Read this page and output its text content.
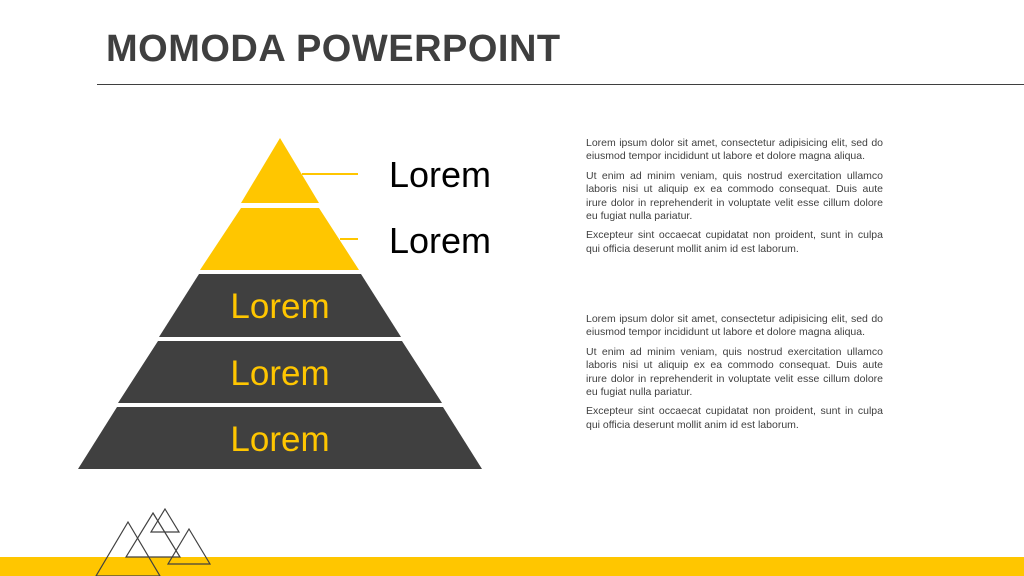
MOMODA POWERPOINT
Lorem
Lorem
Lorem
Lorem
Lorem

Lorem ipsum dolor sit amet, consectetur adipisicing elit, sed do eiusmod tempor incididunt ut labore et dolore magna aliqua.

Ut enim ad minim veniam, quis nostrud exercitation ullamco laboris nisi ut aliquip ex ea commodo consequat. Duis aute irure dolor in reprehenderit in voluptate velit esse cillum dolore eu fugiat nulla pariatur.

Excepteur sint occaecat cupidatat non proident, sunt in culpa qui officia deserunt mollit anim id est laborum.

Lorem ipsum dolor sit amet, consectetur adipisicing elit, sed do eiusmod tempor incididunt ut labore et dolore magna aliqua.

Ut enim ad minim veniam, quis nostrud exercitation ullamco laboris nisi ut aliquip ex ea commodo consequat. Duis aute irure dolor in reprehenderit in voluptate velit esse cillum dolore eu fugiat nulla pariatur.

Excepteur sint occaecat cupidatat non proident, sunt in culpa qui officia deserunt mollit anim id est laborum.
